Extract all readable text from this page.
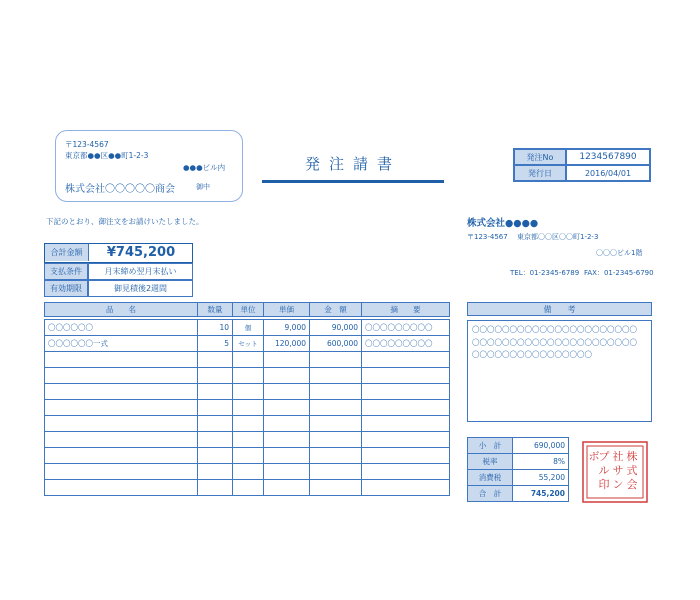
〒123-4567
東京都●●区●●町1-2-3
●●●ビル内
株式会社〇〇〇〇〇商会	御中
発注請書	発注No	1234567890
発行日	2016/04/01
下記のとおり、御注文をお請けいたしました。	株式会社●●●●
〒123-4567 東京都〇〇区〇〇町1-2-3
〇〇〇ビル1階
TEL：01-2345-6789 FAX：01-2345-6790
合計金額	¥745,200
支払条件	月末締め翌月末払い
有効期限	御見積後2週間
品　　名	数量	単位	単価	金　額	摘　　要

〇〇〇〇〇〇	10	個	9,000	90,000	〇〇〇〇〇〇〇〇〇
〇〇〇〇〇〇一式	5	セット	120,000	600,000	〇〇〇〇〇〇〇〇〇

備　　考
〇〇〇〇〇〇〇〇〇〇〇〇〇〇〇〇〇〇〇〇〇〇
〇〇〇〇〇〇〇〇〇〇〇〇〇〇〇〇〇〇〇〇〇〇
〇〇〇〇〇〇〇〇〇〇〇〇〇〇〇〇
小　計	690,000
税率	8%
消費税	55,200
合　計	745,200
株
式
会
社
サ
ン
プ
ル
印
ボ
